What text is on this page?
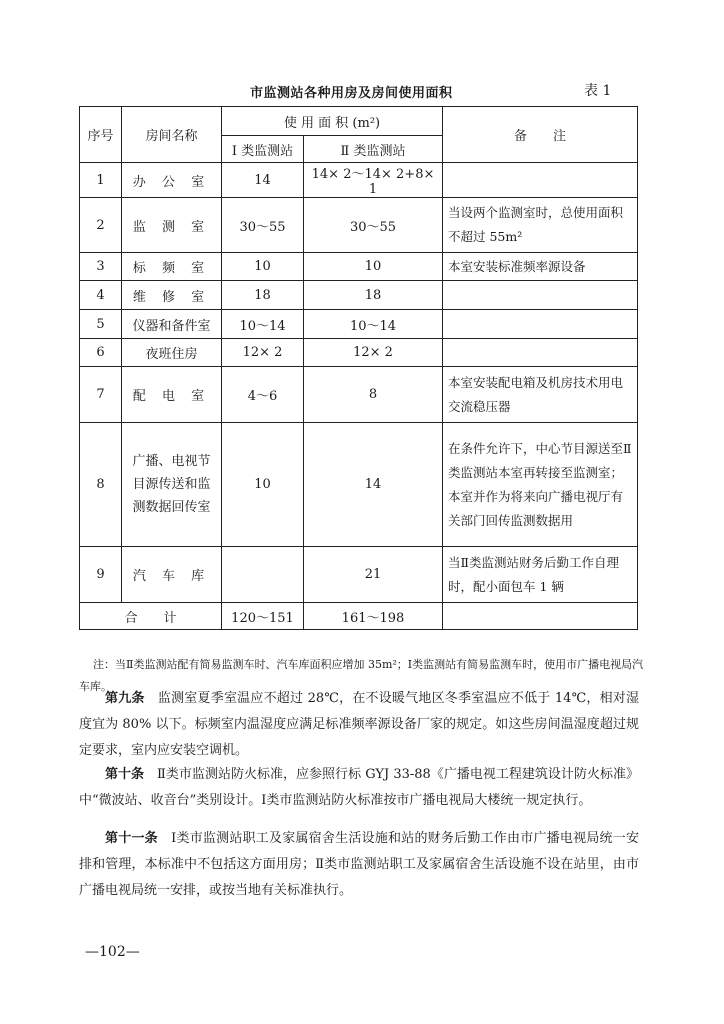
市监测站各种用房及房间使用面积	表 1
序号	房间名称	使 用 面 积 (m²)		备　　注
		Ⅰ 类监测站	Ⅱ 类监测站	
1	办 公 室	14	14× 2～14× 2+8× 1	
2	监 测 室	30～55	30～55	当设两个监测室时，总使用面积不超过 55m²
3	标 频 室	10	10	本室安装标准频率源设备
4	维 修 室	18	18	
5	仪器和备件室	10～14	10～14	
6	夜班住房	12× 2	12× 2	
7	配 电 室	4～6	8	本室安装配电箱及机房技术用电交流稳压器
8	广播、电视节目源传送和监测数据回传室	10	14	在条件允许下，中心节目源送至Ⅱ类监测站本室再转接至监测室；本室并作为将来向广播电视厅有关部门回传监测数据用
9	汽 车 库		21	当Ⅱ类监测站财务后勤工作自理时，配小面包车 1 辆
合　　计		120～151	161～198	
注：当Ⅱ类监测站配有简易监测车时、汽车库面积应增加 35m²；Ⅰ类监测站有简易监测车时，使用市广播电视局汽车库。
第九条　监测室夏季室温应不超过 28℃，在不设暖气地区冬季室温应不低于 14℃，相对湿度宜为 80% 以下。标频室内温湿度应满足标准频率源设备厂家的规定。如这些房间温湿度超过规定要求，室内应安装空调机。
第十条　Ⅱ类市监测站防火标准，应参照行标 GYJ 33-88《广播电视工程建筑设计防火标准》中“微波站、收音台”类别设计。Ⅰ类市监测站防火标准按市广播电视局大楼统一规定执行。
第十一条　Ⅰ类市监测站职工及家属宿舍生活设施和站的财务后勤工作由市广播电视局统一安排和管理，本标准中不包括这方面用房；Ⅱ类市监测站职工及家属宿舍生活设施不设在站里，由市广播电视局统一安排，或按当地有关标准执行。
—102—
